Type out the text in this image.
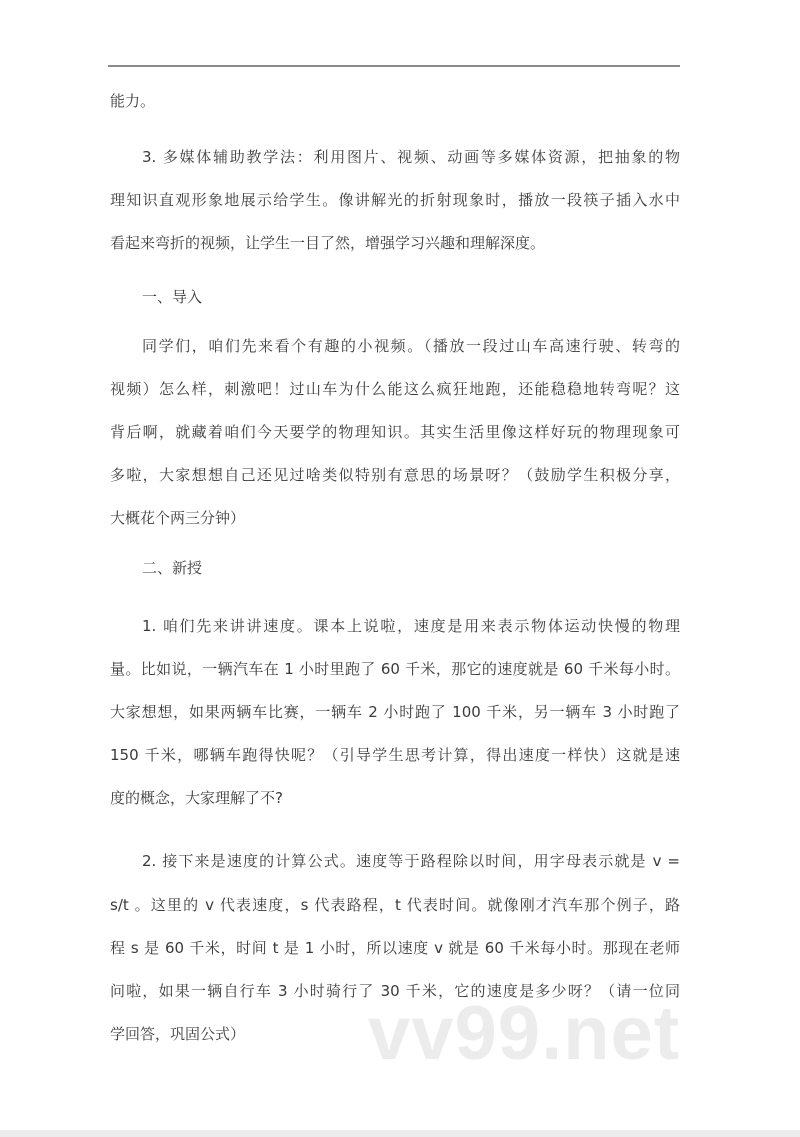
能力。
3. 多媒体辅助教学法：利用图片、视频、动画等多媒体资源，把抽象的物
理知识直观形象地展示给学生。像讲解光的折射现象时，播放一段筷子插入水中
看起来弯折的视频，让学生一目了然，增强学习兴趣和理解深度。
一、导入
同学们，咱们先来看个有趣的小视频。（播放一段过山车高速行驶、转弯的
视频）怎么样，刺激吧！过山车为什么能这么疯狂地跑，还能稳稳地转弯呢？这
背后啊，就藏着咱们今天要学的物理知识。其实生活里像这样好玩的物理现象可
多啦，大家想想自己还见过啥类似特别有意思的场景呀？（鼓励学生积极分享，
大概花个两三分钟）
二、新授
1. 咱们先来讲讲速度。课本上说啦，速度是用来表示物体运动快慢的物理
量。比如说，一辆汽车在 1 小时里跑了 60 千米，那它的速度就是 60 千米每小时。
大家想想，如果两辆车比赛，一辆车 2 小时跑了 100 千米，另一辆车 3 小时跑了
150 千米，哪辆车跑得快呢？（引导学生思考计算，得出速度一样快）这就是速
度的概念，大家理解了不?
2. 接下来是速度的计算公式。速度等于路程除以时间，用字母表示就是 v =
s/t 。这里的 v 代表速度，s 代表路程，t 代表时间。就像刚才汽车那个例子，路
程 s 是 60 千米，时间 t 是 1 小时，所以速度 v 就是 60 千米每小时。那现在老师
问啦，如果一辆自行车 3 小时骑行了 30 千米，它的速度是多少呀？（请一位同
学回答，巩固公式）	vv99.net
